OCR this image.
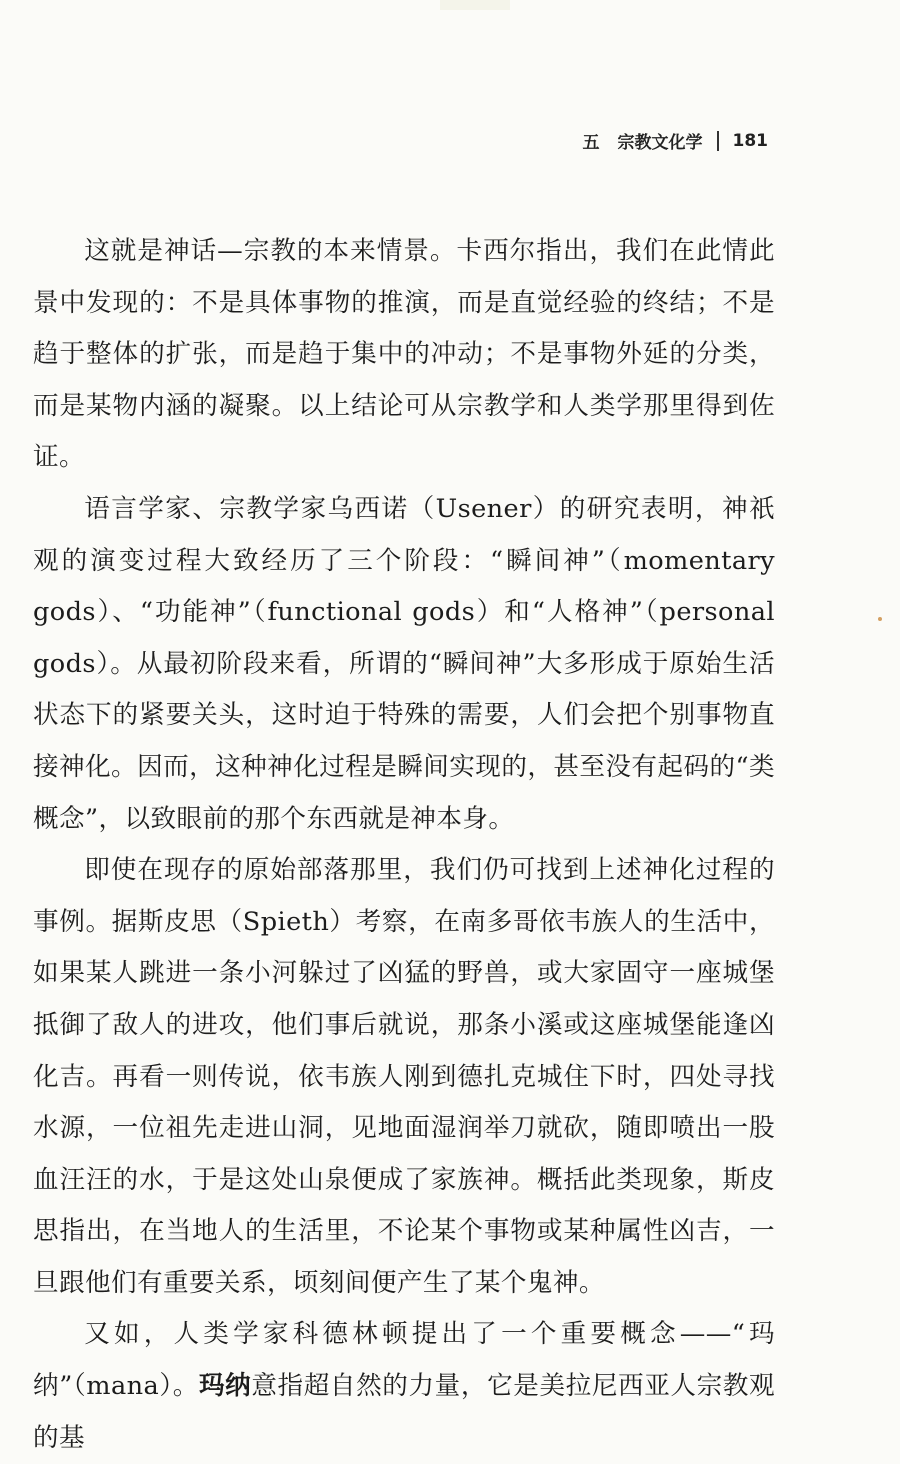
五 宗教文化学 181

这就是神话—宗教的本来情景。卡西尔指出，我们在此情此景中发现的：不是具体事物的推演，而是直觉经验的终结；不是趋于整体的扩张，而是趋于集中的冲动；不是事物外延的分类，而是某物内涵的凝聚。以上结论可从宗教学和人类学那里得到佐证。

语言学家、宗教学家乌西诺（Usener）的研究表明，神祇观的演变过程大致经历了三个阶段：“瞬间神”（momentary gods）、“功能神”（functional gods）和“人格神”（personal gods）。从最初阶段来看，所谓的“瞬间神”大多形成于原始生活状态下的紧要关头，这时迫于特殊的需要，人们会把个别事物直接神化。因而，这种神化过程是瞬间实现的，甚至没有起码的“类概念”，以致眼前的那个东西就是神本身。

即使在现存的原始部落那里，我们仍可找到上述神化过程的事例。据斯皮思（Spieth）考察，在南多哥依韦族人的生活中，如果某人跳进一条小河躲过了凶猛的野兽，或大家固守一座城堡抵御了敌人的进攻，他们事后就说，那条小溪或这座城堡能逢凶化吉。再看一则传说，依韦族人刚到德扎克城住下时，四处寻找水源，一位祖先走进山洞，见地面湿润举刀就砍，随即喷出一股血汪汪的水，于是这处山泉便成了家族神。概括此类现象，斯皮思指出，在当地人的生活里，不论某个事物或某种属性凶吉，一旦跟他们有重要关系，顷刻间便产生了某个鬼神。

又如，人类学家科德林顿提出了一个重要概念——“玛纳”（mana）。玛纳意指超自然的力量，它是美拉尼西亚人宗教观的基
